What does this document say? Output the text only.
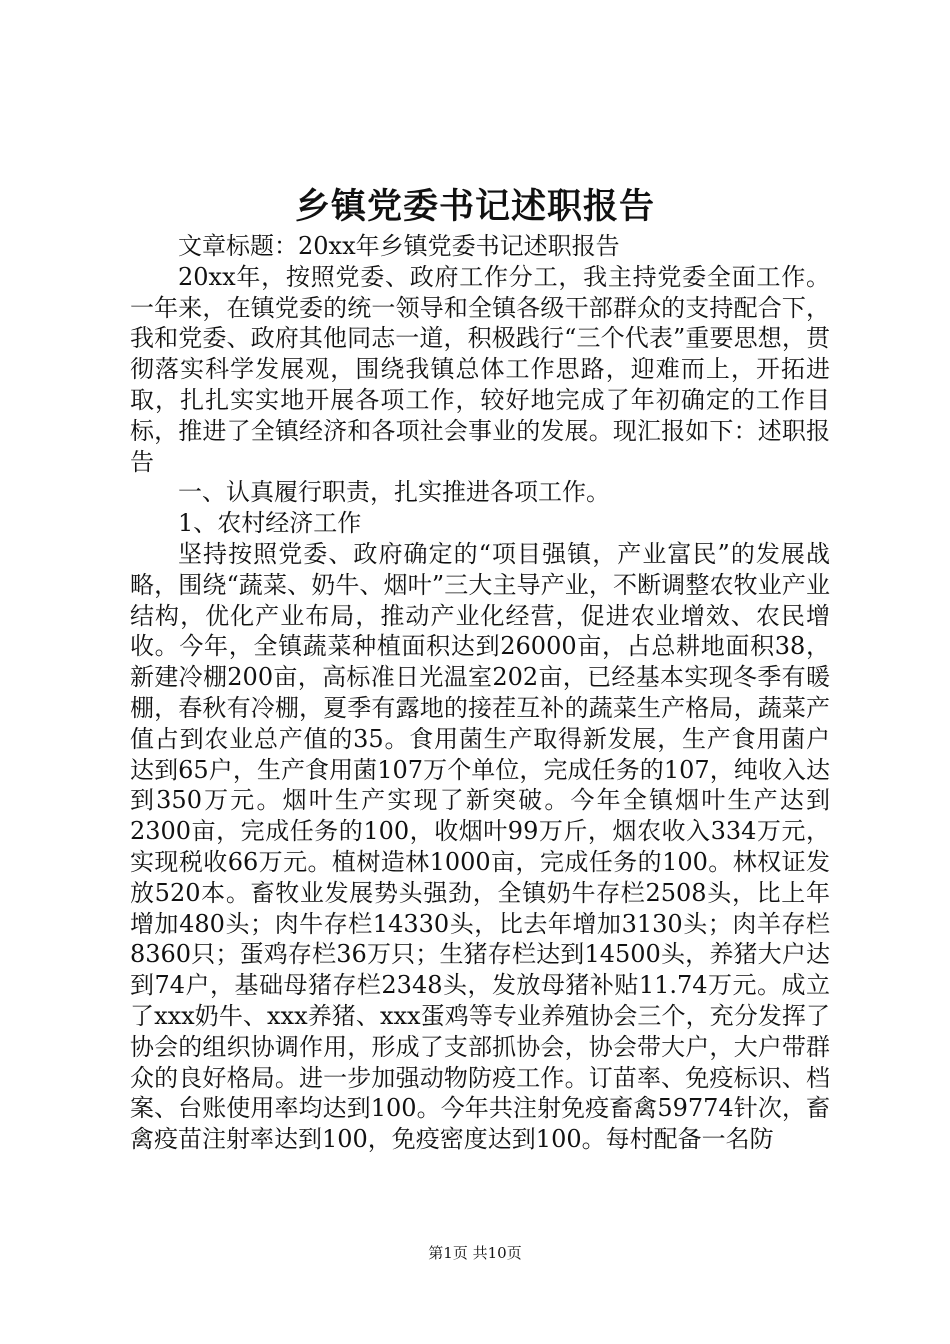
乡镇党委书记述职报告

文章标题：20xx年乡镇党委书记述职报告

20xx年，按照党委、政府工作分工，我主持党委全面工作。一年来，在镇党委的统一领导和全镇各级干部群众的支持配合下，我和党委、政府其他同志一道，积极践行“三个代表”重要思想，贯彻落实科学发展观，围绕我镇总体工作思路，迎难而上，开拓进取，扎扎实实地开展各项工作，较好地完成了年初确定的工作目标，推进了全镇经济和各项社会事业的发展。现汇报如下：述职报告

一、认真履行职责，扎实推进各项工作。

1、农村经济工作

坚持按照党委、政府确定的“项目强镇，产业富民”的发展战略，围绕“蔬菜、奶牛、烟叶”三大主导产业，不断调整农牧业产业结构，优化产业布局，推动产业化经营，促进农业增效、农民增收。今年，全镇蔬菜种植面积达到26000亩，占总耕地面积38，新建冷棚200亩，高标准日光温室202亩，已经基本实现冬季有暖棚，春秋有冷棚，夏季有露地的接茬互补的蔬菜生产格局，蔬菜产值占到农业总产值的35。食用菌生产取得新发展，生产食用菌户达到65户，生产食用菌107万个单位，完成任务的107，纯收入达到350万元。烟叶生产实现了新突破。今年全镇烟叶生产达到2300亩，完成任务的100，收烟叶99万斤，烟农收入334万元，实现税收66万元。植树造林1000亩，完成任务的100。林权证发放520本。畜牧业发展势头强劲，全镇奶牛存栏2508头，比上年增加480头；肉牛存栏14330头，比去年增加3130头；肉羊存栏8360只；蛋鸡存栏36万只；生猪存栏达到14500头，养猪大户达到74户，基础母猪存栏2348头，发放母猪补贴11.74万元。成立了xxx奶牛、xxx养猪、xxx蛋鸡等专业养殖协会三个，充分发挥了协会的组织协调作用，形成了支部抓协会，协会带大户，大户带群众的良好格局。进一步加强动物防疫工作。订苗率、免疫标识、档案、台账使用率均达到100。今年共注射免疫畜禽59774针次，畜禽疫苗注射率达到100，免疫密度达到100。每村配备一名防

第1页 共10页
